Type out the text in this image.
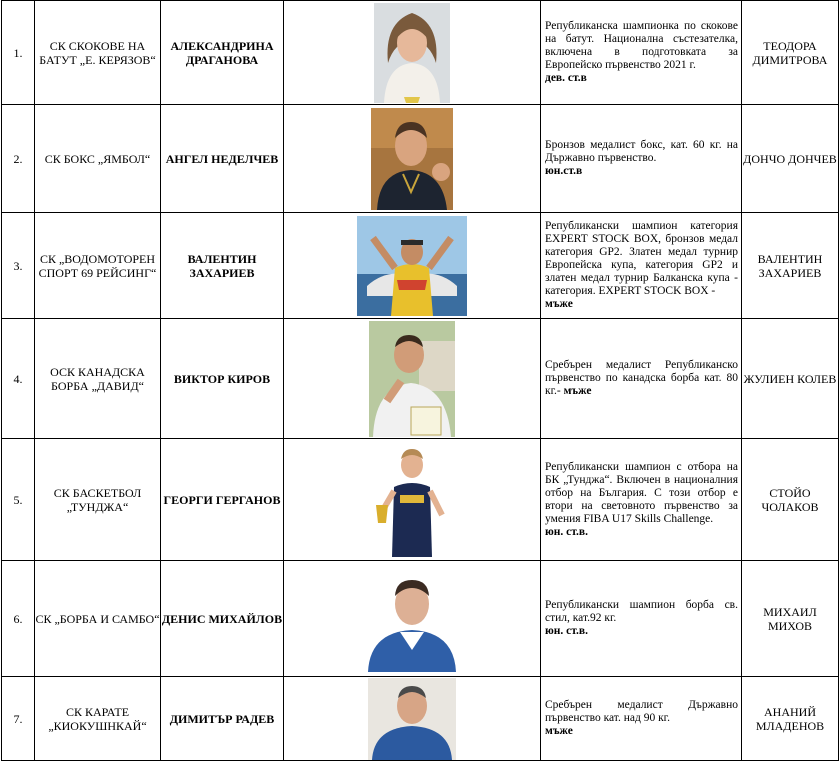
1.	СК СКОКОВЕ НА БАТУТ „Е. КЕРЯЗОВ“	АЛЕКСАНДРИНА ДРАГАНОВА		Републиканска шампионка по скокове на батут. Национална състезателка, включена в подготовката за Европейско първенство 2021 г.
дев. ст.в	ТЕОДОРА ДИМИТРОВА
2.	СК БОКС „ЯМБОЛ“	АНГЕЛ НЕДЕЛЧЕВ		Бронзов медалист бокс, кат. 60 кг. на Държавно първенство.
юн.ст.в	ДОНЧО ДОНЧЕВ
3.	СК „ВОДОМОТОРЕН СПОРТ 69 РЕЙСИНГ“	ВАЛЕНТИН ЗАХАРИЕВ		Републикански шампион категория EXPERT STOCK BOX, бронзов медал категория GP2. Златен медал турнир Европейска купа, категория GP2 и златен медал турнир Балканска купа - категория. EXPERT STOCK BOX -
мъже	ВАЛЕНТИН ЗАХАРИЕВ
4.	ОСК КАНАДСКА БОРБА „ДАВИД“	ВИКТОР КИРОВ		Сребърен медалист Републиканско първенство по канадска борба кат. 80 кг.- мъже	ЖУЛИЕН КОЛЕВ
5.	СК БАСКЕТБОЛ „ТУНДЖА“	ГЕОРГИ ГЕРГАНОВ		Републикански шампион с отбора на БК „Тунджа“. Включен в националния отбор на България. С този отбор е втори на световното първенство за умения FIBA U17 Skills Challenge.
юн. ст.в.	СТОЙО ЧОЛАКОВ
6.	СК „БОРБА И САМБО“	ДЕНИС МИХАЙЛОВ		Републикански шампион борба св. стил, кат.92 кг.
юн. ст.в.	МИХАИЛ МИХОВ
7.	СК КАРАТЕ „КИОКУШНКАЙ“	ДИМИТЪР РАДЕВ		Сребърен медалист Държавно първенство кат. над 90 кг.
мъже	АНАНИЙ МЛАДЕНОВ
